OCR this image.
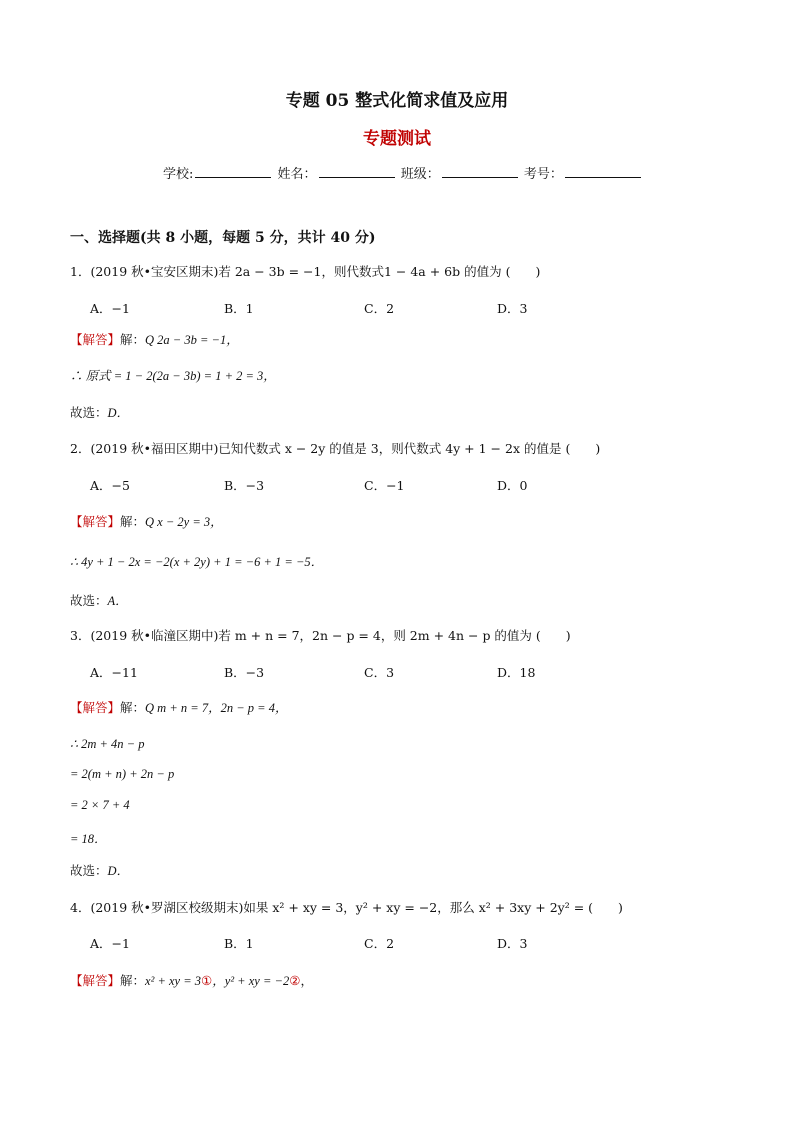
专题 05 整式化简求值及应用
专题测试
学校:	姓名：	班级：	考号：
一、选择题(共 8 小题，每题 5 分，共计 40 分)
1．(2019 秋•宝安区期末)若 2a − 3b = −1，则代数式1 − 4a + 6b 的值为 (　　)
A．−1	B．1	C．2	D．3
【解答】解：Q 2a − 3b = −1，
∴ 原式 = 1 − 2(2a − 3b) = 1 + 2 = 3，
故选：D．
2．(2019 秋•福田区期中)已知代数式 x − 2y 的值是 3，则代数式 4y + 1 − 2x 的值是 (　　)
A．−5	B．−3	C．−1	D．0
【解答】解：Q x − 2y = 3，
∴ 4y + 1 − 2x = −2(x + 2y) + 1 = −6 + 1 = −5．
故选：A．
3．(2019 秋•临潼区期中)若 m + n = 7，2n − p = 4，则 2m + 4n − p 的值为 (　　)
A．−11	B．−3	C．3	D．18
【解答】解：Q m + n = 7，2n − p = 4，
∴ 2m + 4n − p
= 2(m + n) + 2n − p
= 2 × 7 + 4
= 18．
故选：D．
4．(2019 秋•罗湖区校级期末)如果 x² + xy = 3，y² + xy = −2，那么 x² + 3xy + 2y² = (　　)
A．−1	B．1	C．2	D．3
【解答】解：x² + xy = 3①，y² + xy = −2②，
